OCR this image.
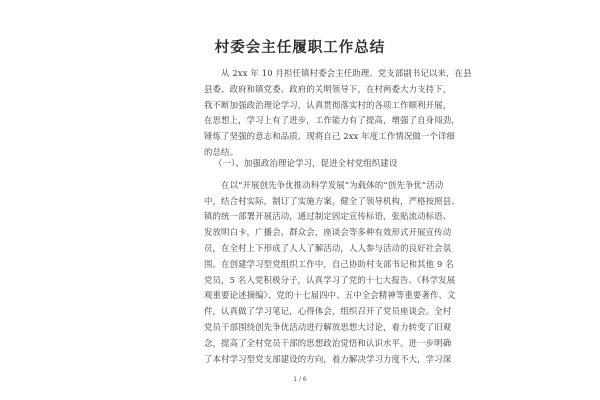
村委会主任履职工作总结
　　从 2xx 年 10 月担任镇村委会主任助理、党支部副书记以来，在县
县委、政府和镇党委、政府的关明领导下，在村两委大力支持下，
我不断加强政治理论学习，认真贯彻落实村的各项工作顺利开展，
在思想上，学习上有了进步，工作能力有了提高，增强了自身闯劲，
锤炼了坚强的意志和品质，现将自己 2xx 年度工作情况做一个详细
的总结。
（一）、加强政治理论学习，促进全村党组织建设
　　在以“开展创先争优推动科学发展”为载体的“创先争优”活动
中，结合村实际，制订了实施方案，健全了领导机构，严格按照县、
镇的统一部署开展活动，通过制定固定宣传标语，张贴流动标语、
发放明白卡，广播会、群众会，座谈会等多种有效形式开展宣传动
员，在全村上下形成了人人了解活动，人人参与活动的良好社会氛
围。在创建学习型党组织工作中，自己协助村支部书记和其他 9 名
党员，5 名入党积极分子，认真学习了党的十七大报告、《科学发展
观重要论述摘编》、党的十七届四中、五中全会精神等重要著作、文
件，认真做了学习笔记，心得体会，组织召开了党员座谈会。全村
党员干部围绕创先争优活动进行解放思想大讨论，着力转变了旧观
念，提高了全村党员干部的思想政治觉悟和认识水平。进一步明确
了本村学习型党支部建设的方向，着力解决学习力度不大，学习深
1 / 6
